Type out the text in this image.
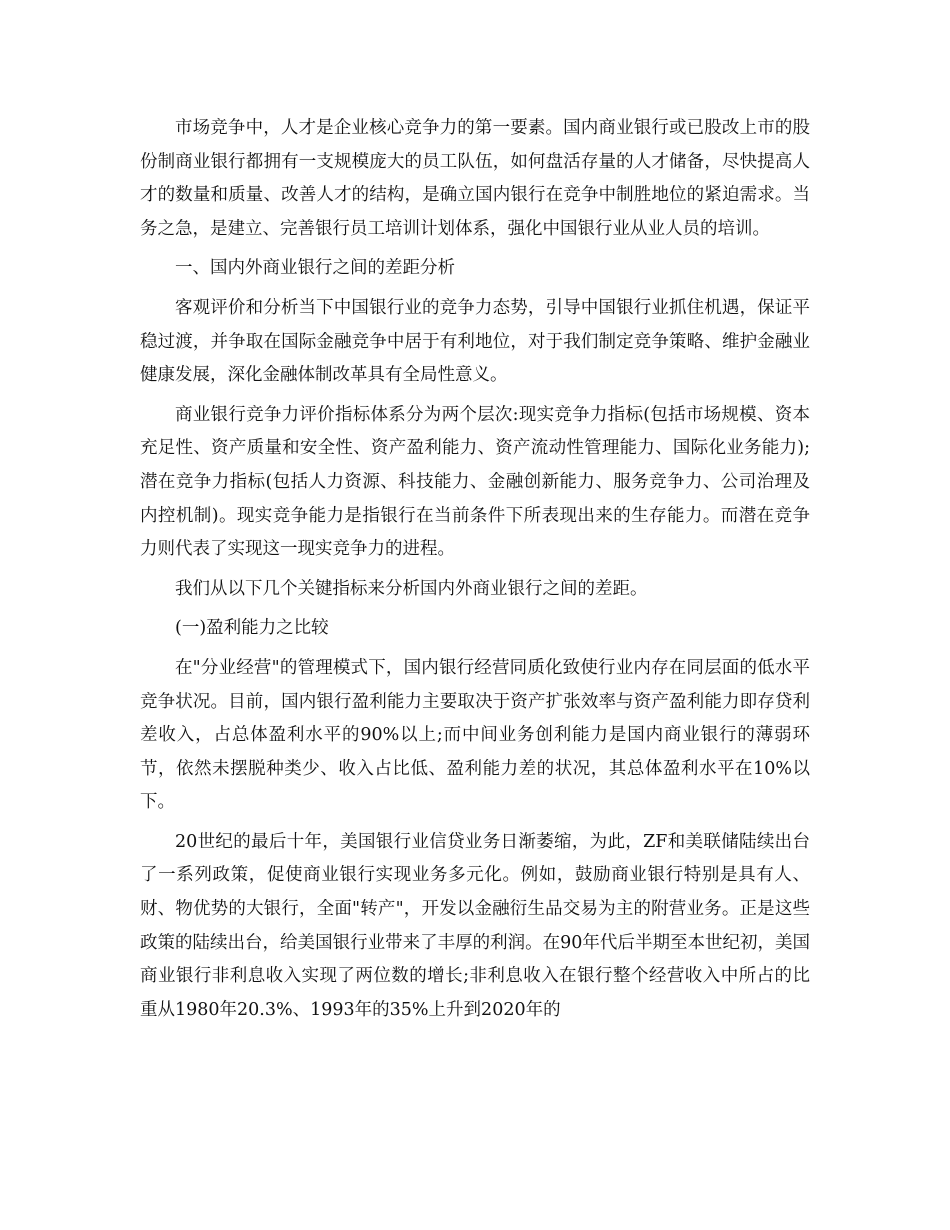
市场竞争中，人才是企业核心竞争力的第一要素。国内商业银行或已股改上市的股份制商业银行都拥有一支规模庞大的员工队伍，如何盘活存量的人才储备，尽快提高人才的数量和质量、改善人才的结构，是确立国内银行在竞争中制胜地位的紧迫需求。当务之急，是建立、完善银行员工培训计划体系，强化中国银行业从业人员的培训。

一、国内外商业银行之间的差距分析

客观评价和分析当下中国银行业的竞争力态势，引导中国银行业抓住机遇，保证平稳过渡，并争取在国际金融竞争中居于有利地位，对于我们制定竞争策略、维护金融业健康发展，深化金融体制改革具有全局性意义。

商业银行竞争力评价指标体系分为两个层次:现实竞争力指标(包括市场规模、资本充足性、资产质量和安全性、资产盈利能力、资产流动性管理能力、国际化业务能力);潜在竞争力指标(包括人力资源、科技能力、金融创新能力、服务竞争力、公司治理及内控机制)。现实竞争能力是指银行在当前条件下所表现出来的生存能力。而潜在竞争力则代表了实现这一现实竞争力的进程。

我们从以下几个关键指标来分析国内外商业银行之间的差距。

(一)盈利能力之比较

在"分业经营"的管理模式下，国内银行经营同质化致使行业内存在同层面的低水平竞争状况。目前，国内银行盈利能力主要取决于资产扩张效率与资产盈利能力即存贷利差收入，占总体盈利水平的90%以上;而中间业务创利能力是国内商业银行的薄弱环节，依然未摆脱种类少、收入占比低、盈利能力差的状况，其总体盈利水平在10%以下。

20世纪的最后十年，美国银行业信贷业务日渐萎缩，为此，ZF和美联储陆续出台了一系列政策，促使商业银行实现业务多元化。例如，鼓励商业银行特别是具有人、财、物优势的大银行，全面"转产"，开发以金融衍生品交易为主的附营业务。正是这些政策的陆续出台，给美国银行业带来了丰厚的利润。在90年代后半期至本世纪初，美国商业银行非利息收入实现了两位数的增长;非利息收入在银行整个经营收入中所占的比重从1980年20.3%、1993年的35%上升到2020年的
